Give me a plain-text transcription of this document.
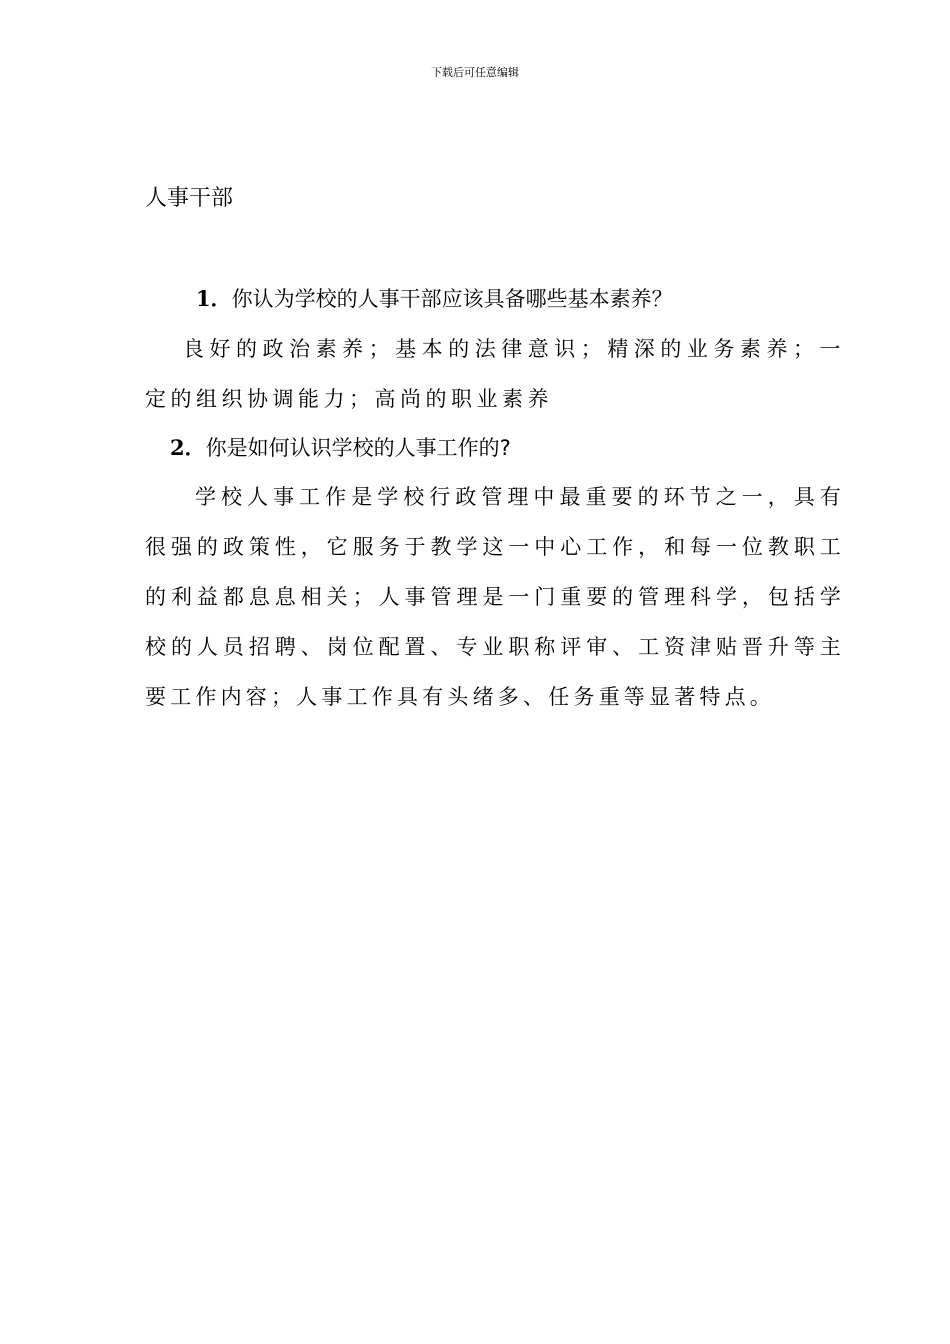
下载后可任意编辑
人事干部
1．你认为学校的人事干部应该具备哪些基本素养？
良好的政治素养；基本的法律意识；精深的业务素养；一定的组织协调能力；高尚的职业素养
2．你是如何认识学校的人事工作的?
学校人事工作是学校行政管理中最重要的环节之一，具有很强的政策性，它服务于教学这一中心工作，和每一位教职工的利益都息息相关；人事管理是一门重要的管理科学，包括学校的人员招聘、岗位配置、专业职称评审、工资津贴晋升等主要工作内容；人事工作具有头绪多、任务重等显著特点。
